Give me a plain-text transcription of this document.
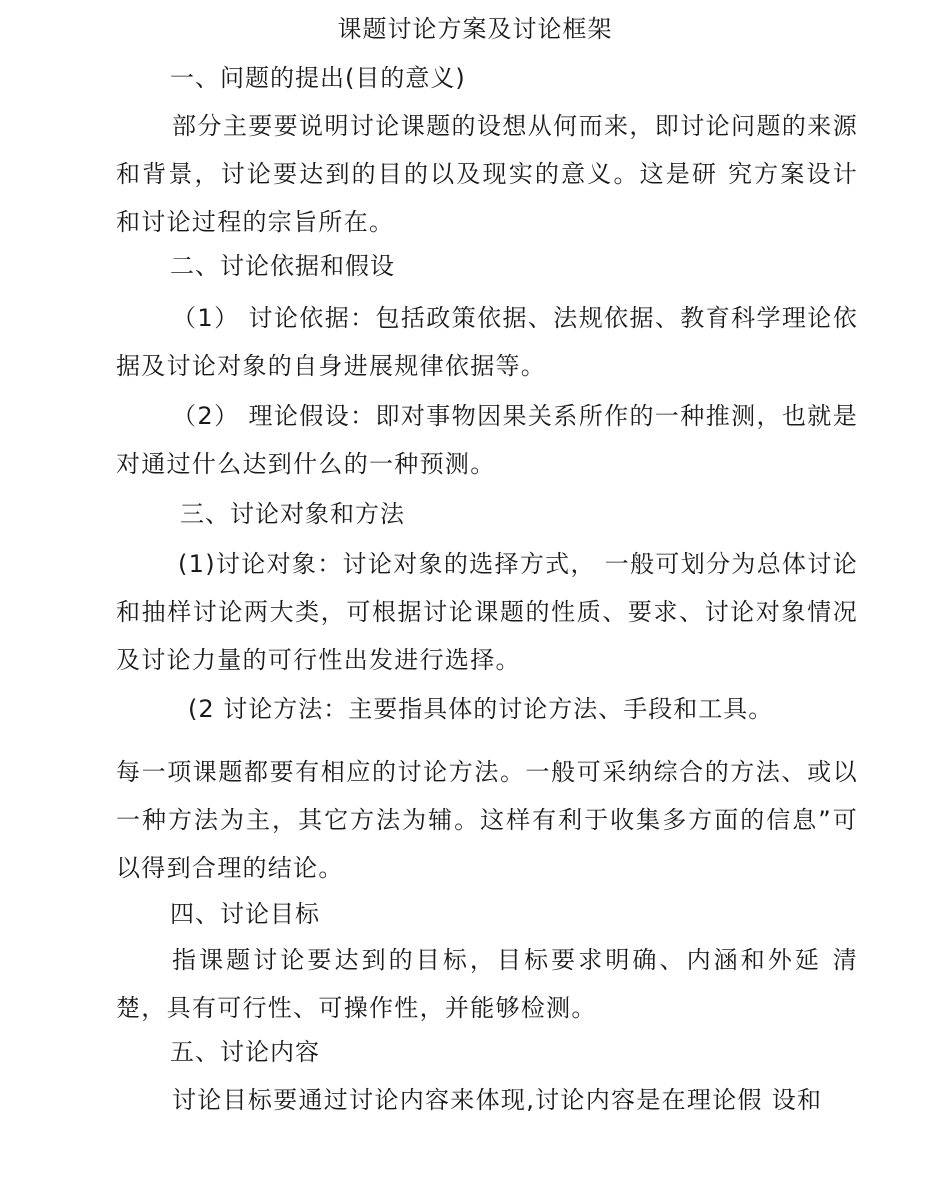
课题讨论方案及讨论框架
一、问题的提出(目的意义)

部分主要要说明讨论课题的设想从何而来，即讨论问题的来源和背景，讨论要达到的目的以及现实的意义。这是研 究方案设计和讨论过程的宗旨所在。

二、讨论依据和假设

（1） 讨论依据：包括政策依据、法规依据、教育科学理论依据及讨论对象的自身进展规律依据等。

（2） 理论假设：即对事物因果关系所作的一种推测，也就是对通过什么达到什么的一种预测。

三、讨论对象和方法

(1)讨论对象：讨论对象的选择方式， 一般可划分为总体讨论和抽样讨论两大类，可根据讨论课题的性质、要求、讨论对象情况及讨论力量的可行性出发进行选择。

(2 讨论方法：主要指具体的讨论方法、手段和工具。

每一项课题都要有相应的讨论方法。一般可采纳综合的方法、或以一种方法为主，其它方法为辅。这样有利于收集多方面的信息”可以得到合理的结论。

四、讨论目标

指课题讨论要达到的目标，目标要求明确、内涵和外延 清楚，具有可行性、可操作性，并能够检测。

五、讨论内容

讨论目标要通过讨论内容来体现,讨论内容是在理论假 设和
